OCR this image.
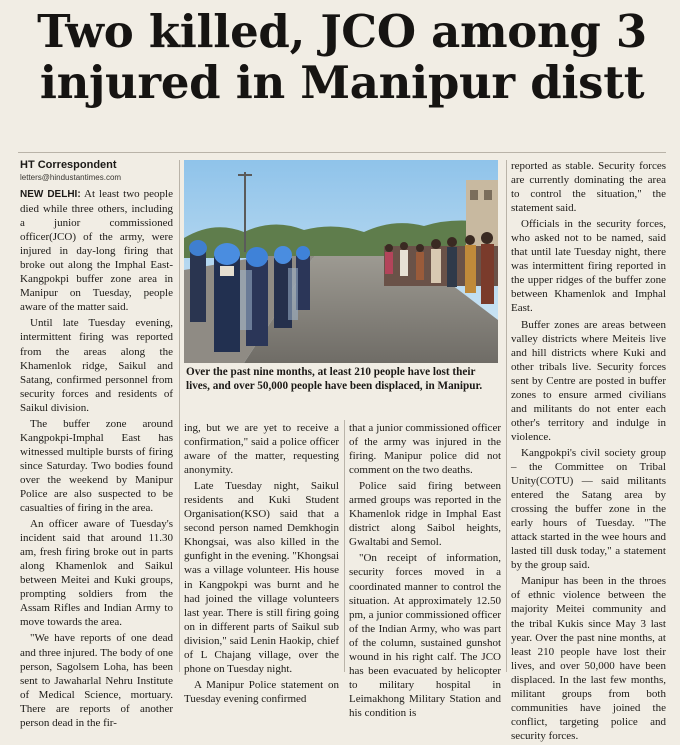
Two killed, JCO among 3
injured in Manipur distt
HT Correspondent
letters@hindustantimes.com

NEW DELHI: At least two people died while three others, including a junior commissioned officer(JCO) of the army, were injured in day-long firing that broke out along the Imphal East-Kangpokpi buffer zone area in Manipur on Tuesday, people aware of the matter said.

Until late Tuesday evening, intermittent firing was reported from the areas along the Khamenlok ridge, Saikul and Satang, confirmed personnel from security forces and residents of Saikul division.

The buffer zone around Kangpokpi-Imphal East has witnessed multiple bursts of firing since Saturday. Two bodies found over the weekend by Manipur Police are also suspected to be casualties of firing in the area.

An officer aware of Tuesday's incident said that around 11.30 am, fresh firing broke out in parts along Khamenlok and Saikul between Meitei and Kuki groups, prompting soldiers from the Assam Rifles and Indian Army to move towards the area.

"We have reports of one dead and three injured. The body of one person, Sagolsem Loha, has been sent to Jawaharlal Nehru Institute of Medical Science, mortuary. There are reports of another person dead in the fir-

Over the past nine months, at least 210 people have lost their lives, and over 50,000 people have been displaced, in Manipur.

ing, but we are yet to receive a confirmation," said a police officer aware of the matter, requesting anonymity.

Late Tuesday night, Saikul residents and Kuki Student Organisation(KSO) said that a second person named Demkhogin Khongsai, was also killed in the gunfight in the evening. "Khongsai was a village volunteer. His house in Kangpokpi was burnt and he had joined the village volunteers last year. There is still firing going on in different parts of Saikul sub division," said Lenin Haokip, chief of L Chajang village, over the phone on Tuesday night.

A Manipur Police statement on Tuesday evening confirmed

that a junior commissioned officer of the army was injured in the firing. Manipur police did not comment on the two deaths.

Police said firing between armed groups was reported in the Khamenlok ridge in Imphal East district along Saibol heights, Gwaltabi and Semol.

"On receipt of information, security forces moved in a coordinated manner to control the situation. At approximately 12.50 pm, a junior commissioned officer of the Indian Army, who was part of the column, sustained gunshot wound in his right calf. The JCO has been evacuated by helicopter to military hospital in Leimakhong Military Station and his condition is

reported as stable. Security forces are currently dominating the area to control the situation," the statement said.

Officials in the security forces, who asked not to be named, said that until late Tuesday night, there was intermittent firing reported in the upper ridges of the buffer zone between Khamenlok and Imphal East.

Buffer zones are areas between valley districts where Meiteis live and hill districts where Kuki and other tribals live. Security forces sent by Centre are posted in buffer zones to ensure armed civilians and militants do not enter each other's territory and indulge in violence.

Kangpokpi's civil society group – the Committee on Tribal Unity(COTU) — said militants entered the Satang area by crossing the buffer zone in the early hours of Tuesday. "The attack started in the wee hours and lasted till dusk today," a statement by the group said.

Manipur has been in the throes of ethnic violence between the majority Meitei community and the tribal Kukis since May 3 last year. Over the past nine months, at least 210 people have lost their lives, and over 50,000 have been displaced. In the last few months, militant groups from both communities have joined the conflict, targeting police and security forces.
